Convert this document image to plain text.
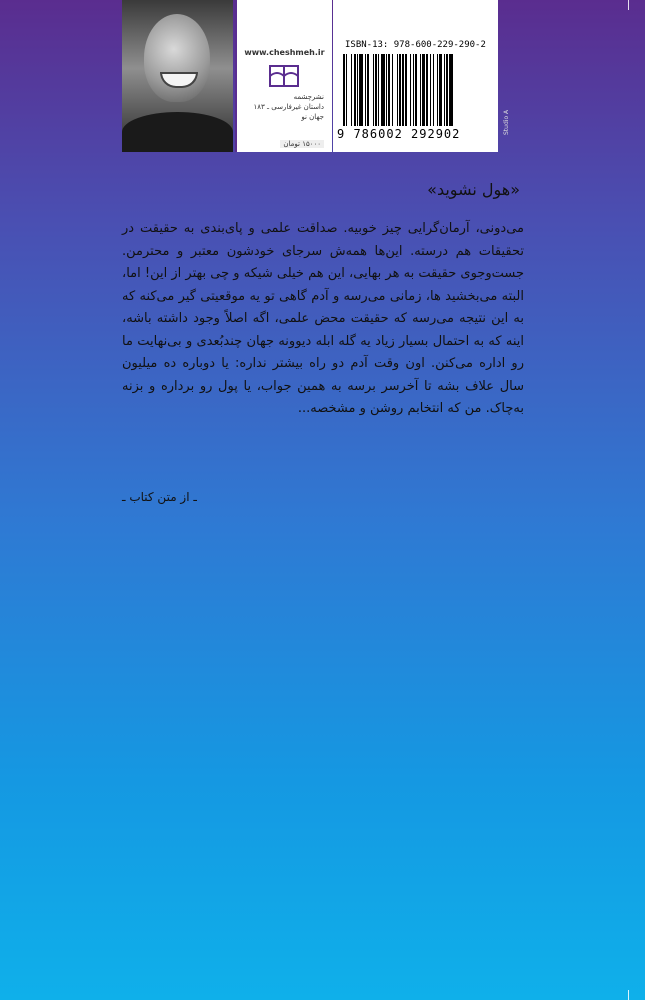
www.cheshmeh.ir
نشرچشمه
داستان غیرفارسی ـ ۱۸۳
جهان نو
۱۵۰۰۰ تومان
ISBN-13: 978-600-229-290-2
9 786002 292902	Studio A
«هول نشوید»
می‌دونی، آرمان‌گرایی چیز خوبیه. صداقت علمی و پای‌بندی به حقیقت در تحقیقات هم درسته. این‌ها همه‌ش سرجای خودشون معتبر و محترمن. جست‌وجوی حقیقت به هر بهایی، این هم خیلی شیکه و چی بهتر از این! اما، البته می‌بخشید ها، زمانی می‌رسه و آدم گاهی تو یه موقعیتی گیر می‌کنه که به این نتیجه می‌رسه که حقیقت محض علمی، اگه اصلاً وجود داشته باشه، اینه که به احتمال بسیار زیاد یه گله ابله دیوونه جهان چندبُعدی و بی‌نهایت ما رو اداره می‌کنن. اون وقت آدم دو راه بیشتر نداره: یا دوباره ده میلیون سال علاف بشه تا آخرسر برسه به همین جواب، یا پول رو برداره و بزنه به‌چاک. من که انتخابم روشن و مشخصه...
ـ از متن کتاب ـ
